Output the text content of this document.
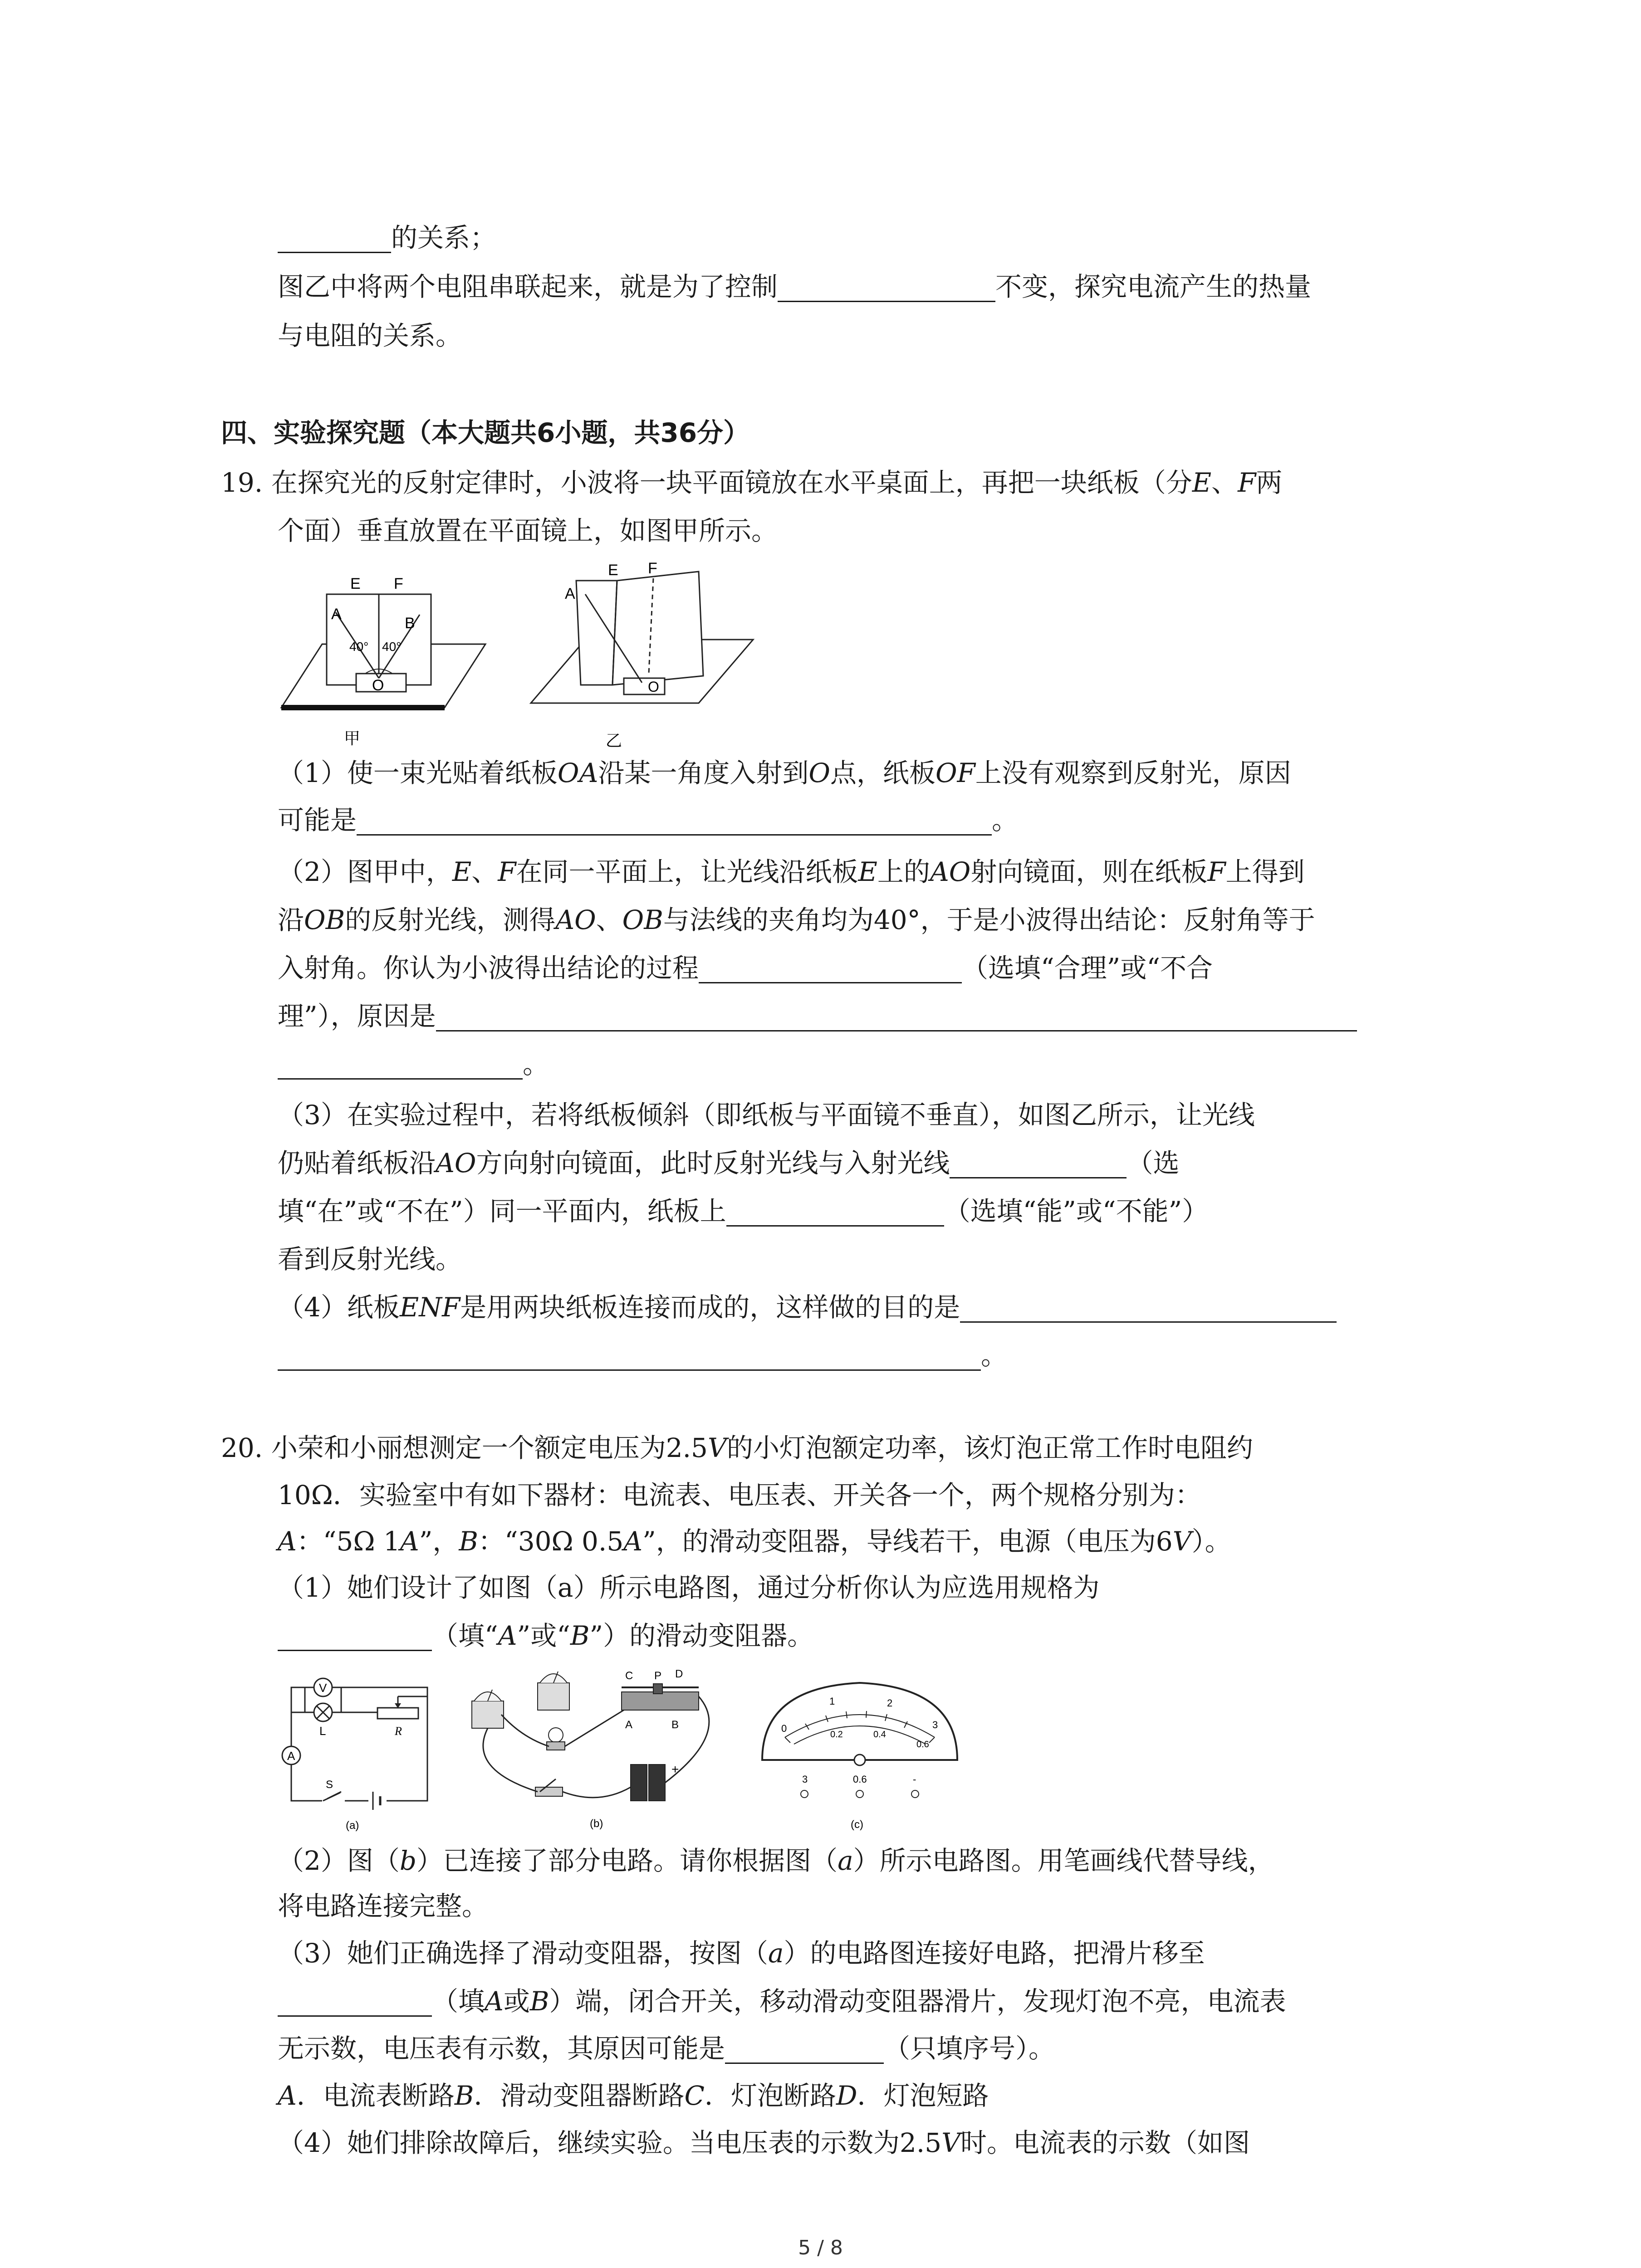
的关系；
图乙中将两个电阻串联起来，就是为了控制	不变，探究电流产生的热量
与电阻的关系。
四、实验探究题（本大题共6小题，共36分）
19. 在探究光的反射定律时，小波将一块平面镜放在水平桌面上，再把一块纸板（分E、F两
个面）垂直放置在平面镜上，如图甲所示。
E F
A
B
40° 40°
O
甲
E F
A
O
乙
（1）使一束光贴着纸板OA沿某一角度入射到O点，纸板OF上没有观察到反射光，原因
可能是	。
（2）图甲中，E、F在同一平面上，让光线沿纸板E上的AO射向镜面，则在纸板F上得到
沿OB的反射光线，测得AO、OB与法线的夹角均为40°，于是小波得出结论：反射角等于
入射角。你认为小波得出结论的过程	（选填“合理”或“不合
理”），原因是
。
（3）在实验过程中，若将纸板倾斜（即纸板与平面镜不垂直），如图乙所示，让光线
仍贴着纸板沿AO方向射向镜面，此时反射光线与入射光线	（选
填“在”或“不在”）同一平面内，纸板上	（选填“能”或“不能”）
看到反射光线。
（4）纸板ENF是用两块纸板连接而成的，这样做的目的是
。
20. 小荣和小丽想测定一个额定电压为2.5V的小灯泡额定功率，该灯泡正常工作时电阻约
10Ω．实验室中有如下器材：电流表、电压表、开关各一个，两个规格分别为：
A：“5Ω 1A”，B：“30Ω 0.5A”，的滑动变阻器，导线若干，电源（电压为6V）。
（1）她们设计了如图（a）所示电路图，通过分析你认为应选用规格为
（填“A”或“B”）的滑动变阻器。
V
L	R
A
S
(a)
C P D
A	B
+
(b)
0
1	2
3
0.2	0.4
0.6
3	0.6	-
(c)
（2）图（b）已连接了部分电路。请你根据图（a）所示电路图。用笔画线代替导线，
将电路连接完整。
（3）她们正确选择了滑动变阻器，按图（a）的电路图连接好电路，把滑片移至
（填A或B）端，闭合开关，移动滑动变阻器滑片，发现灯泡不亮，电流表
无示数，电压表有示数，其原因可能是	（只填序号）。
A．电流表断路B．滑动变阻器断路C．灯泡断路D．灯泡短路
（4）她们排除故障后，继续实验。当电压表的示数为2.5V时。电流表的示数（如图
5 / 8
